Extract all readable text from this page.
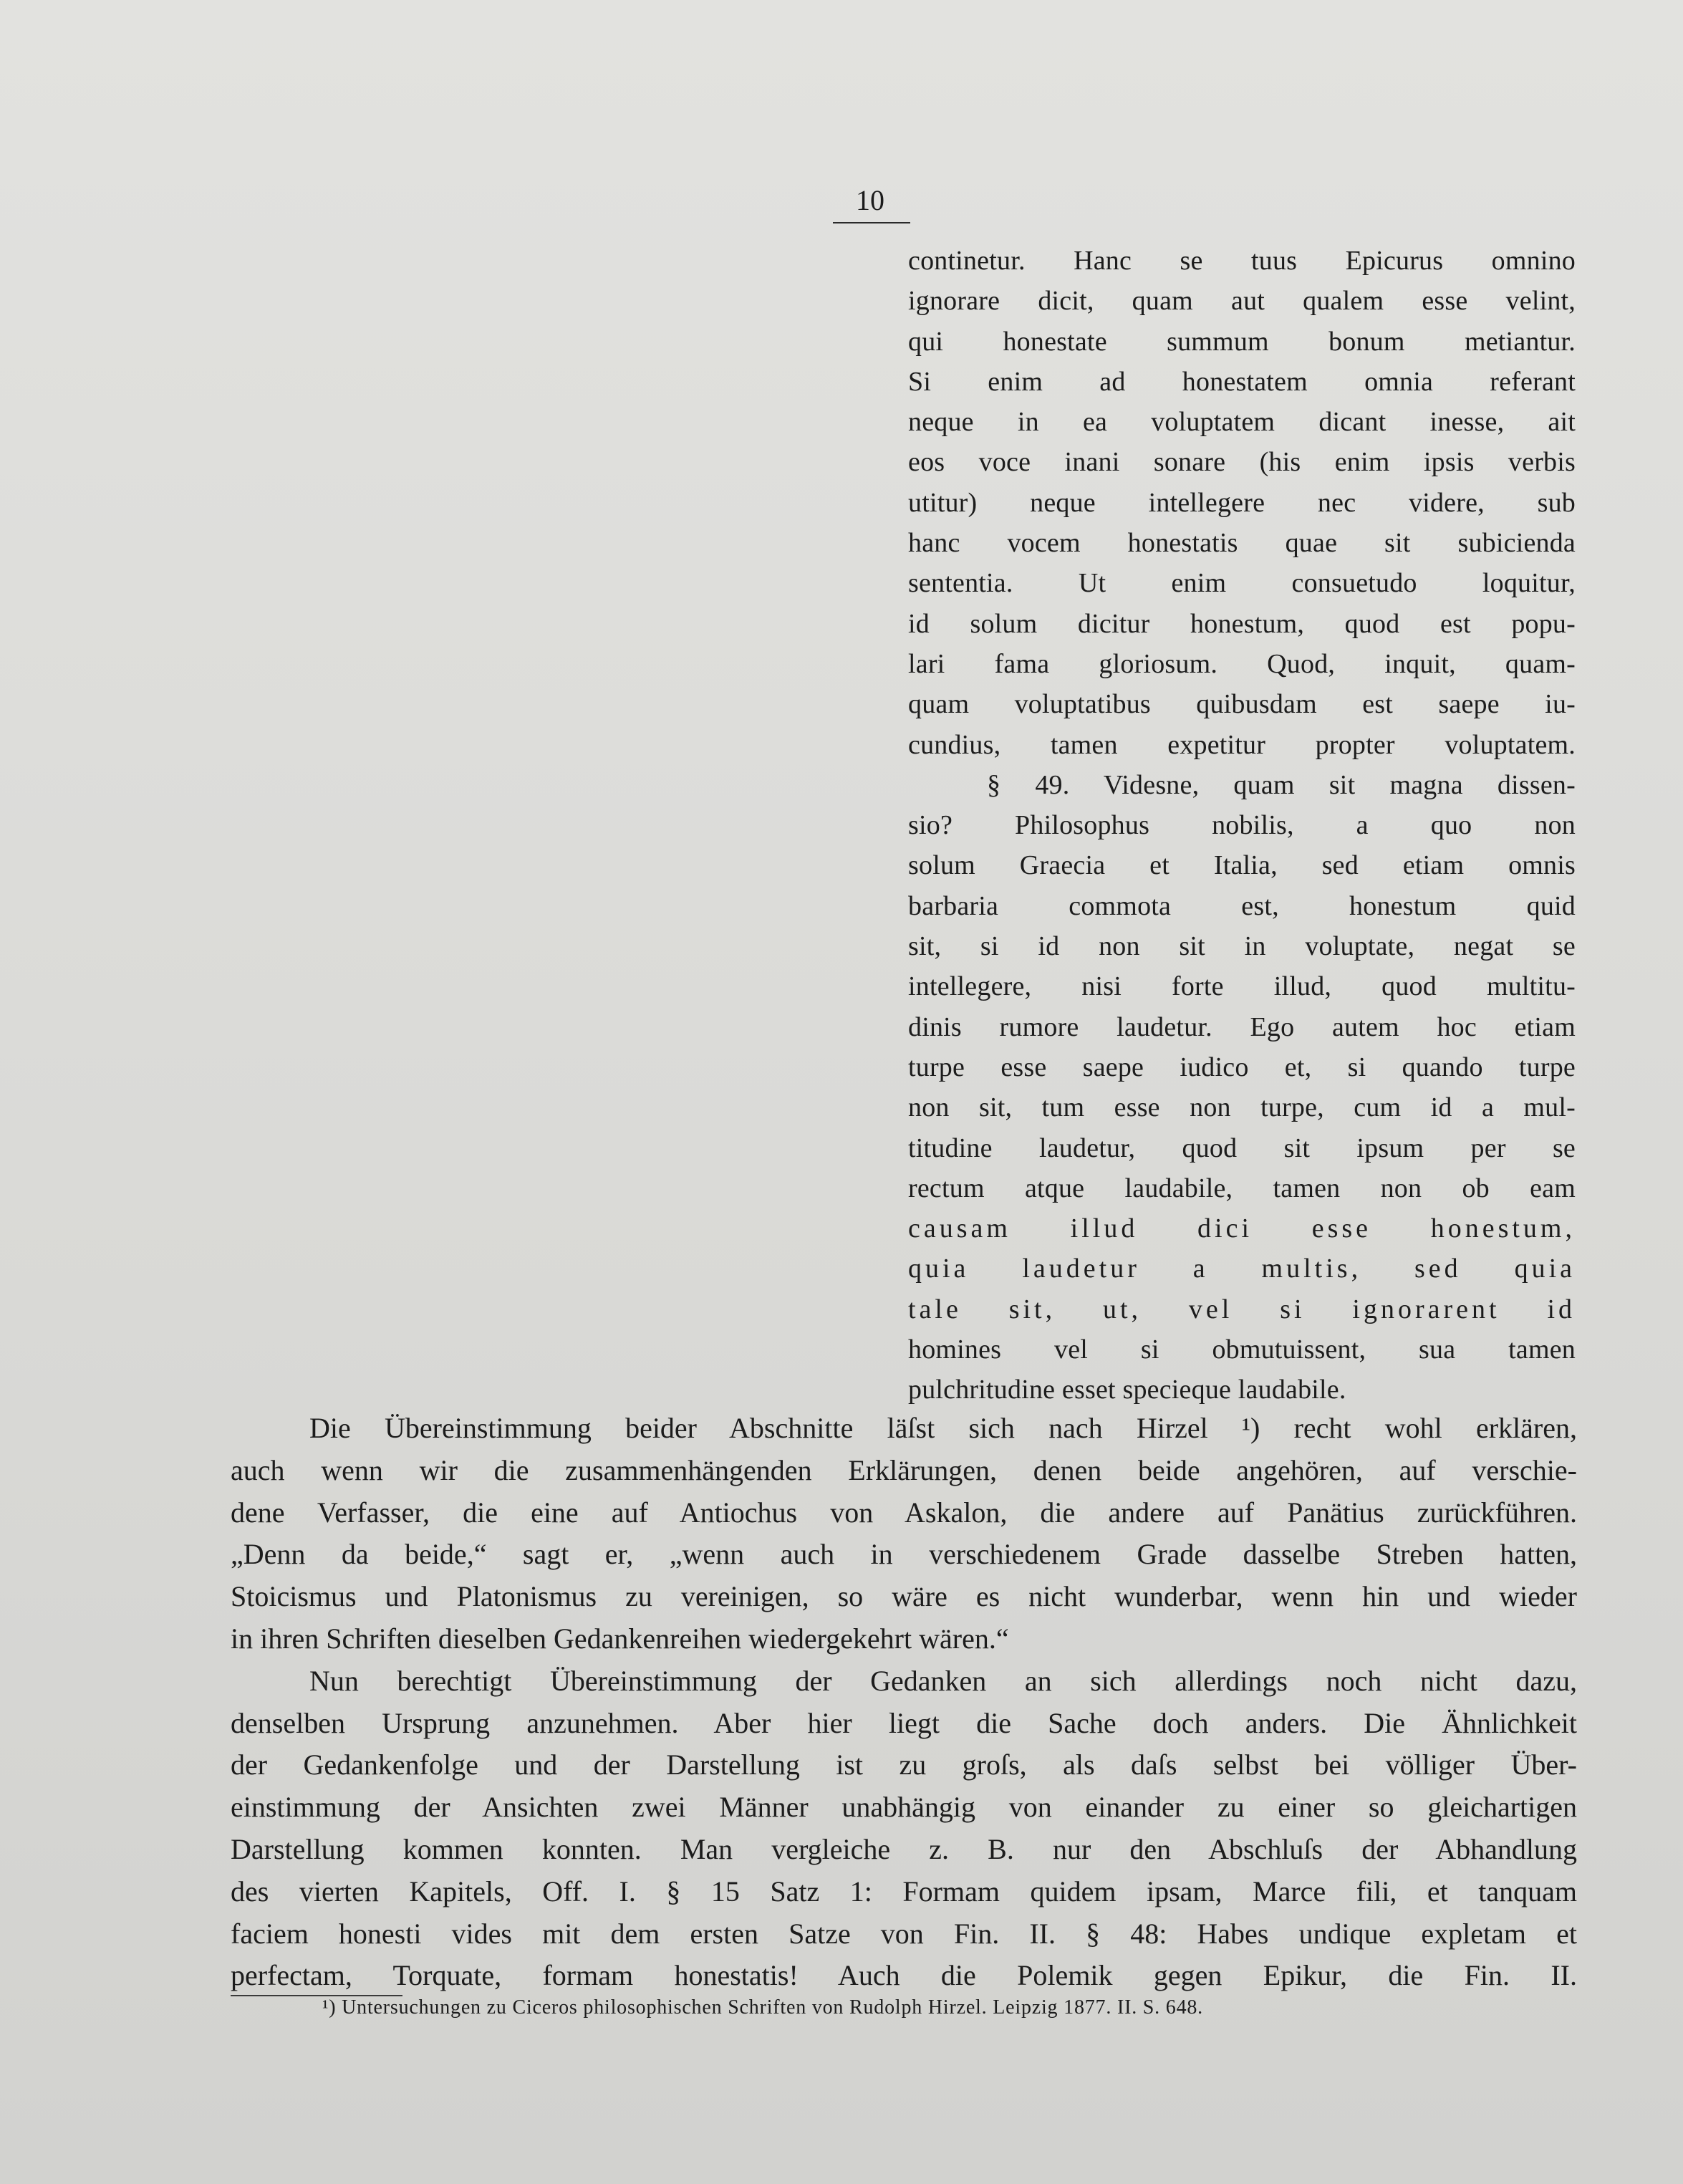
10
continetur. Hanc se tuus Epicurus omnino
ignorare dicit, quam aut qualem esse velint,
qui honestate summum bonum metiantur.
Si enim ad honestatem omnia referant
neque in ea voluptatem dicant inesse, ait
eos voce inani sonare (his enim ipsis verbis
utitur) neque intellegere nec videre, sub
hanc vocem honestatis quae sit subicienda
sententia. Ut enim consuetudo loquitur,
id solum dicitur honestum, quod est popu-
lari fama gloriosum. Quod, inquit, quam-
quam voluptatibus quibusdam est saepe iu-
cundius, tamen expetitur propter voluptatem.
§ 49. Videsne, quam sit magna dissen-
sio? Philosophus nobilis, a quo non
solum Graecia et Italia, sed etiam omnis
barbaria commota est, honestum quid
sit, si id non sit in voluptate, negat se
intellegere, nisi forte illud, quod multitu-
dinis rumore laudetur. Ego autem hoc etiam
turpe esse saepe iudico et, si quando turpe
non sit, tum esse non turpe, cum id a mul-
titudine laudetur, quod sit ipsum per se
rectum atque laudabile, tamen non ob eam
causam illud dici esse honestum,
quia laudetur a multis, sed quia
tale sit, ut, vel si ignorarent id
homines vel si obmutuissent, sua tamen
pulchritudine esset specieque laudabile.
Die Übereinstimmung beider Abschnitte läſst sich nach Hirzel ¹) recht wohl erklären,
auch wenn wir die zusammenhängenden Erklärungen, denen beide angehören, auf verschie-
dene Verfasser, die eine auf Antiochus von Askalon, die andere auf Panätius zurückführen.
„Denn da beide,“ sagt er, „wenn auch in verschiedenem Grade dasselbe Streben hatten,
Stoicismus und Platonismus zu vereinigen, so wäre es nicht wunderbar, wenn hin und wieder
in ihren Schriften dieselben Gedankenreihen wiedergekehrt wären.“
Nun berechtigt Übereinstimmung der Gedanken an sich allerdings noch nicht dazu,
denselben Ursprung anzunehmen. Aber hier liegt die Sache doch anders. Die Ähnlichkeit
der Gedankenfolge und der Darstellung ist zu groſs, als daſs selbst bei völliger Über-
einstimmung der Ansichten zwei Männer unabhängig von einander zu einer so gleichartigen
Darstellung kommen konnten. Man vergleiche z. B. nur den Abschluſs der Abhandlung
des vierten Kapitels, Off. I. § 15 Satz 1: Formam quidem ipsam, Marce fili, et tanquam
faciem honesti vides mit dem ersten Satze von Fin. II. § 48: Habes undique expletam et
perfectam, Torquate, formam honestatis! Auch die Polemik gegen Epikur, die Fin. II.
¹) Untersuchungen zu Ciceros philosophischen Schriften von Rudolph Hirzel. Leipzig 1877. II. S. 648.
